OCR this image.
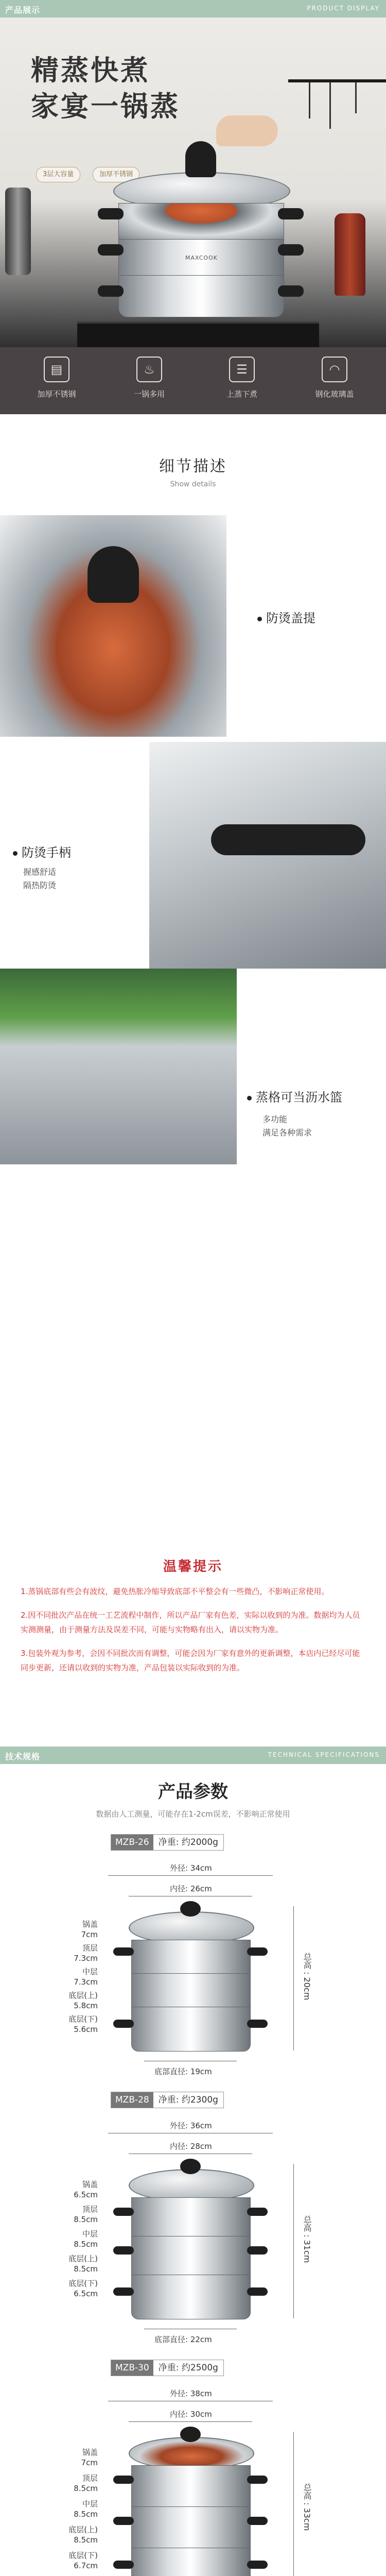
产品展示	PRODUCT DISPLAY
精蒸快煮
家宴一锅蒸
3层大容量	加厚不锈钢
MAXCOOK
▤
加厚不锈钢
♨
一锅多用
☰
上蒸下煮
◠
钢化玻璃盖
细节描述
Show details
防烫盖提
防烫手柄
握感舒适
隔热防烫
蒸格可当沥水篮
多功能
满足各种需求
温馨提示

1.蒸锅底部有些会有波纹，避免热胀冷缩导致底部不平整会有一些微凸，不影响正常使用。

2.因不同批次产品在统一工艺流程中制作，所以产品厂家有色差，实际以收到的为准。数据均为人员实测测量，由于测量方法及误差不同，可能与实物略有出入，请以实物为准。

3.包装外观为参考，会因不同批次而有调整，可能会因为厂家有意外的更新调整，本店内已经尽可能同步更新，还请以收到的实物为准，产品包装以实际收到的为准。

技术规格	TECHNICAL SPECIFICATIONS
产品参数
数据由人工测量，可能存在1-2cm误差，不影响正常使用
MZB-26 净重: 约2000g
外径: 34cm
内径: 26cm
锅盖
7cm
顶层
7.3cm
中层
7.3cm
底层(上)
5.8cm
底层(下)
5.6cm
总高 : 20cm
底部直径: 19cm
MZB-28 净重: 约2300g
外径: 36cm
内径: 28cm
锅盖
6.5cm
顶层
8.5cm
中层
8.5cm
底层(上)
8.5cm
底层(下)
6.5cm
总高 : 31cm
底部直径: 22cm
MZB-30 净重: 约2500g
外径: 38cm
内径: 30cm
锅盖
7cm
顶层
8.5cm
中层
8.5cm
底层(上)
8.5cm
底层(下)
6.7cm
总高 : 33cm
